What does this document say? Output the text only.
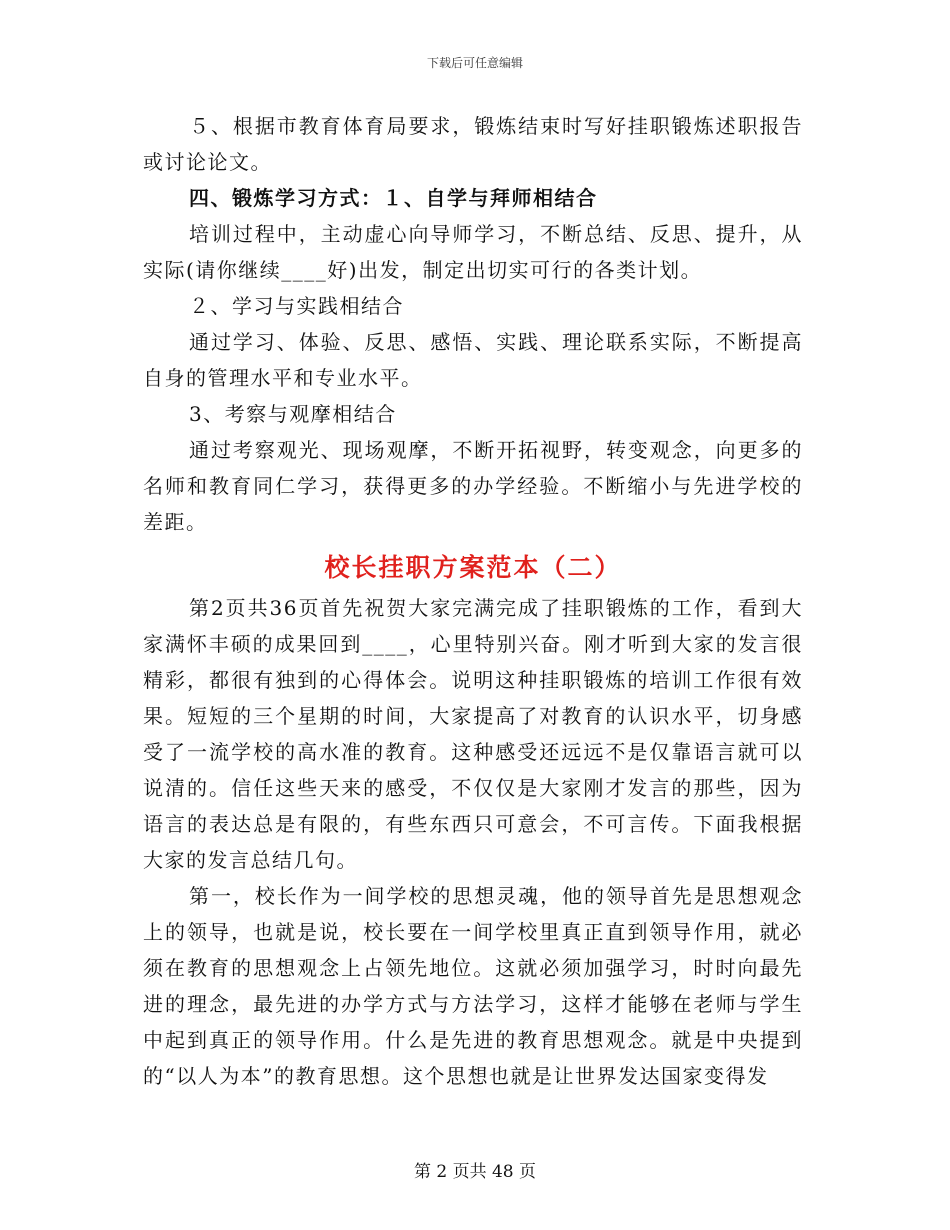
下载后可任意编辑

５、根据市教育体育局要求，锻炼结束时写好挂职锻炼述职报告或讨论论文。

四、锻炼学习方式：１、自学与拜师相结合

培训过程中，主动虚心向导师学习，不断总结、反思、提升，从实际(请你继续____好)出发，制定出切实可行的各类计划。

２、学习与实践相结合

通过学习、体验、反思、感悟、实践、理论联系实际，不断提高自身的管理水平和专业水平。

3、考察与观摩相结合

通过考察观光、现场观摩，不断开拓视野，转变观念，向更多的名师和教育同仁学习，获得更多的办学经验。不断缩小与先进学校的差距。

校长挂职方案范本（二）

第2页共36页首先祝贺大家完满完成了挂职锻炼的工作，看到大家满怀丰硕的成果回到____，心里特别兴奋。刚才听到大家的发言很精彩，都很有独到的心得体会。说明这种挂职锻炼的培训工作很有效果。短短的三个星期的时间，大家提高了对教育的认识水平，切身感受了一流学校的高水准的教育。这种感受还远远不是仅靠语言就可以说清的。信任这些天来的感受，不仅仅是大家刚才发言的那些，因为语言的表达总是有限的，有些东西只可意会，不可言传。下面我根据大家的发言总结几句。

第一，校长作为一间学校的思想灵魂，他的领导首先是思想观念上的领导，也就是说，校长要在一间学校里真正直到领导作用，就必须在教育的思想观念上占领先地位。这就必须加强学习，时时向最先进的理念，最先进的办学方式与方法学习，这样才能够在老师与学生中起到真正的领导作用。什么是先进的教育思想观念。就是中央提到的“以人为本”的教育思想。这个思想也就是让世界发达国家变得发

第 2 页共 48 页
